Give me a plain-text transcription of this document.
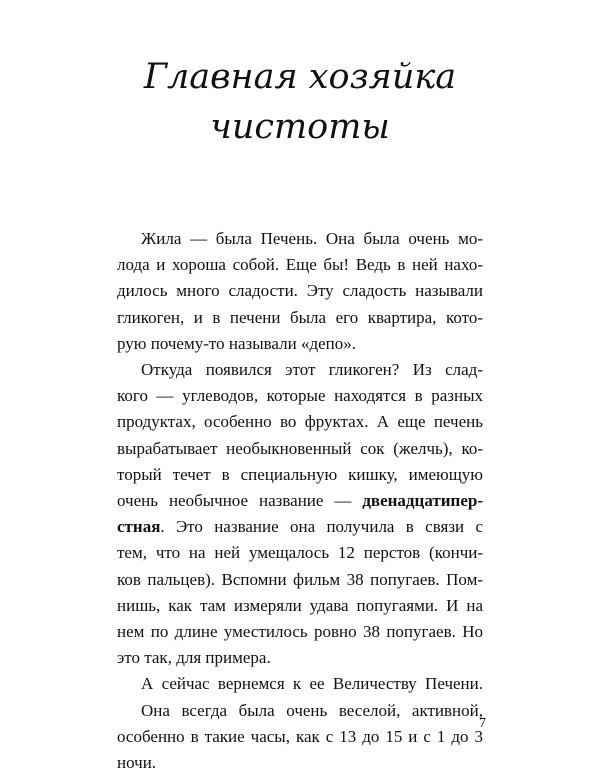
Главная хозяйка
чистоты
Жила — была Печень. Она была очень мо-
лода и хороша собой. Еще бы! Ведь в ней нахо-
дилось много сладости. Эту сладость называли
гликоген, и в печени была его квартира, кото-
рую почему-то называли «депо».
Откуда появился этот гликоген? Из слад-
кого — углеводов, которые находятся в разных
продуктах, особенно во фруктах. А еще печень
вырабатывает необыкновенный сок (желчь), ко-
торый течет в специальную кишку, имеющую
очень необычное название — двенадцатипер-
стная. Это название она получила в связи с
тем, что на ней умещалось 12 перстов (кончи-
ков пальцев). Вспомни фильм 38 попугаев. Пом-
нишь, как там измеряли удава попугаями. И на
нем по длине уместилось ровно 38 попугаев. Но
это так, для примера.
А сейчас вернемся к ее Величеству Печени.
Она всегда была очень веселой, активной,
особенно в такие часы, как с 13 до 15 и с 1 до 3
ночи.
7
